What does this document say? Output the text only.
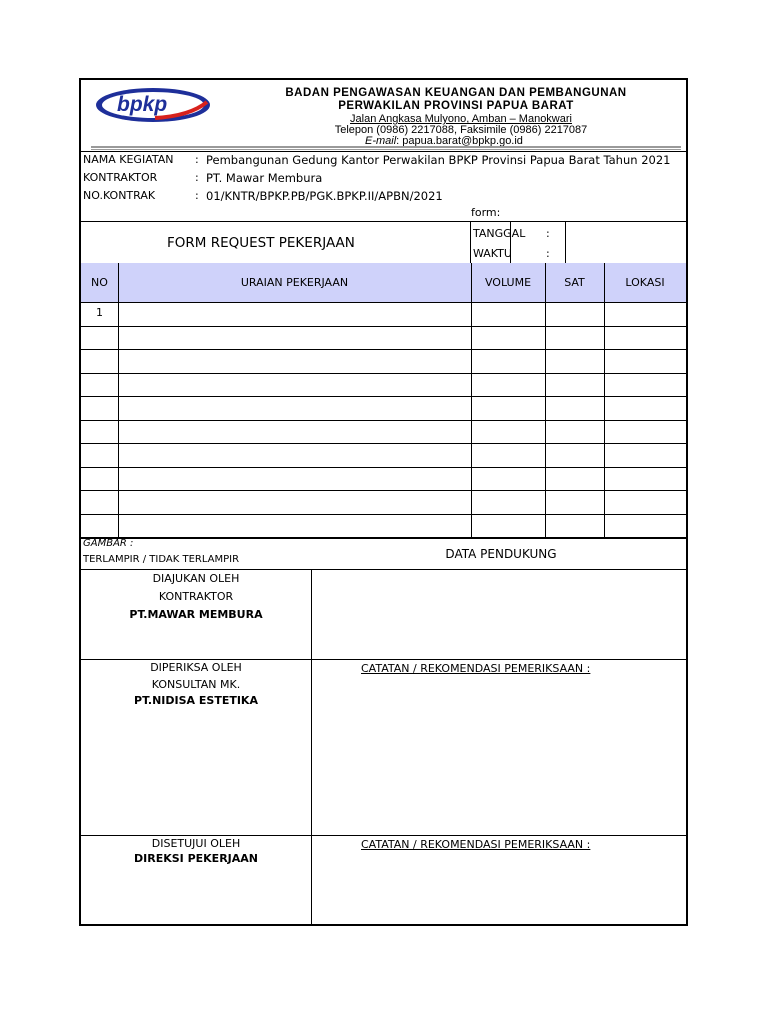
bpkp	BADAN PENGAWASAN KEUANGAN DAN PEMBANGUNAN
PERWAKILAN PROVINSI PAPUA BARAT
Jalan Angkasa Mulyono, Amban – Manokwari
Telepon (0986) 2217088, Faksimile (0986) 2217087
E-mail: papua.barat@bpkp.go.id
NAMA KEGIATAN : Pembangunan Gedung Kantor Perwakilan BPKP Provinsi Papua Barat Tahun 2021
KONTRAKTOR	: PT. Mawar Membura
NO.KONTRAK	: 01/KNTR/BPKP.PB/PGK.BPKP.II/APBN/2021
form:
FORM REQUEST PEKERJAAN
TANGGAL :
WAKTU	:
NO	URAIAN PEKERJAAN	VOLUME	SAT	LOKASI
1
GAMBAR :
TERLAMPIR / TIDAK TERLAMPIR	DATA PENDUKUNG
DIAJUKAN OLEH
KONTRAKTOR
PT.MAWAR MEMBURA
DIPERIKSA OLEH
KONSULTAN MK.
PT.NIDISA ESTETIKA
CATATAN / REKOMENDASI PEMERIKSAAN :
DISETUJUI OLEH
DIREKSI PEKERJAAN
CATATAN / REKOMENDASI PEMERIKSAAN :
